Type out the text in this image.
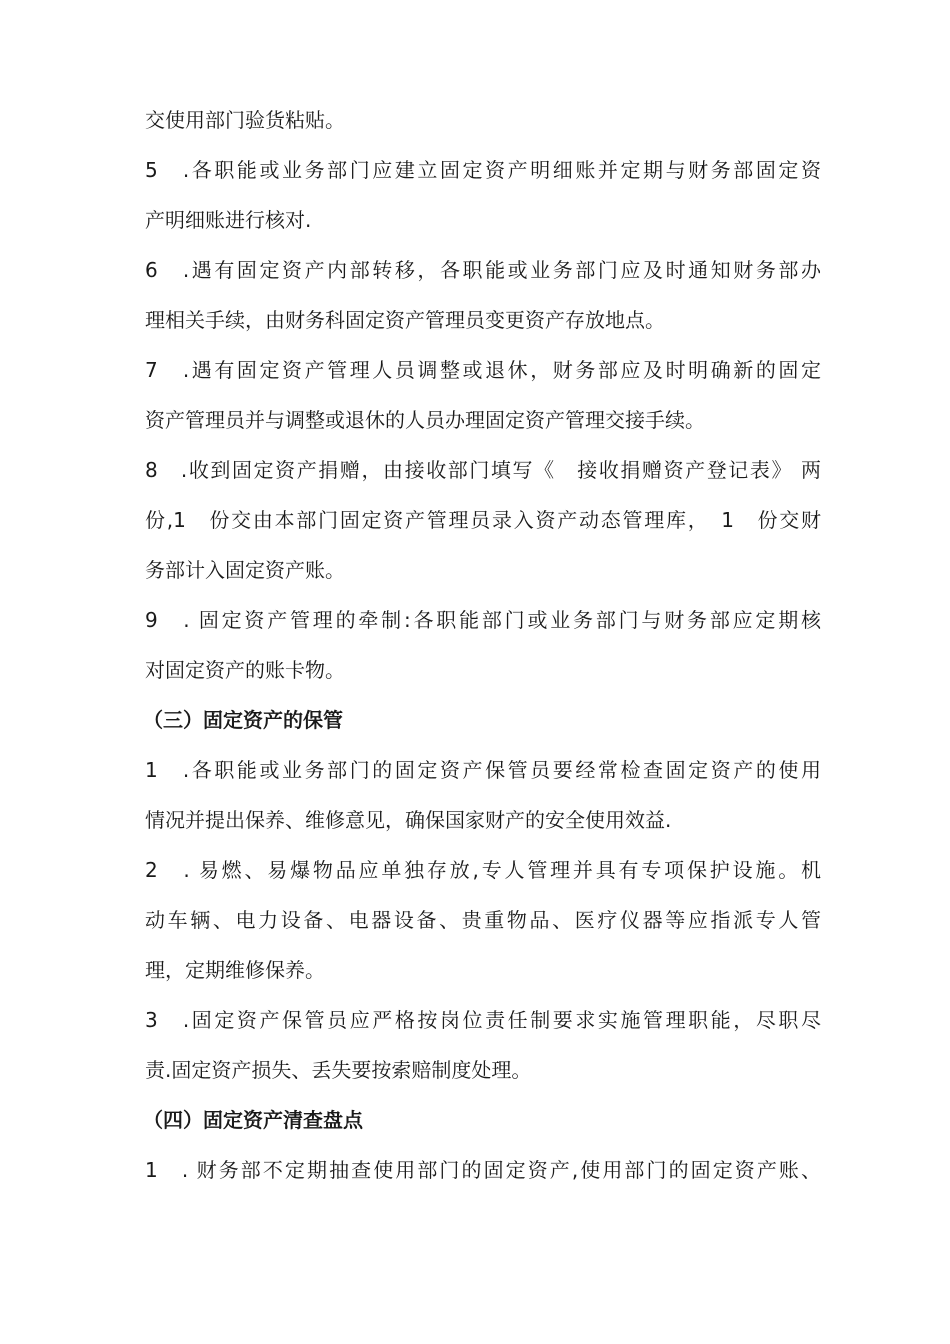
交使用部门验货粘贴。
5　.各职能或业务部门应建立固定资产明细账并定期与财务部固定资
产明细账进行核对.
6　.遇有固定资产内部转移，各职能或业务部门应及时通知财务部办
理相关手续，由财务科固定资产管理员变更资产存放地点。
7　.遇有固定资产管理人员调整或退休，财务部应及时明确新的固定
资产管理员并与调整或退休的人员办理固定资产管理交接手续。
8　.收到固定资产捐赠，由接收部门填写《　接收捐赠资产登记表》 两
份,1　份交由本部门固定资产管理员录入资产动态管理库，　1　份交财
务部计入固定资产账。
9　. 固定资产管理的牵制:各职能部门或业务部门与财务部应定期核
对固定资产的账卡物。
（三）固定资产的保管
1　.各职能或业务部门的固定资产保管员要经常检查固定资产的使用
情况并提出保养、维修意见，确保国家财产的安全使用效益.
2　. 易燃、易爆物品应单独存放,专人管理并具有专项保护设施。机
动车辆、电力设备、电器设备、贵重物品、医疗仪器等应指派专人管
理，定期维修保养。
3　.固定资产保管员应严格按岗位责任制要求实施管理职能，尽职尽
责.固定资产损失、丢失要按索赔制度处理。
（四）固定资产清查盘点
1　. 财务部不定期抽查使用部门的固定资产,使用部门的固定资产账、
